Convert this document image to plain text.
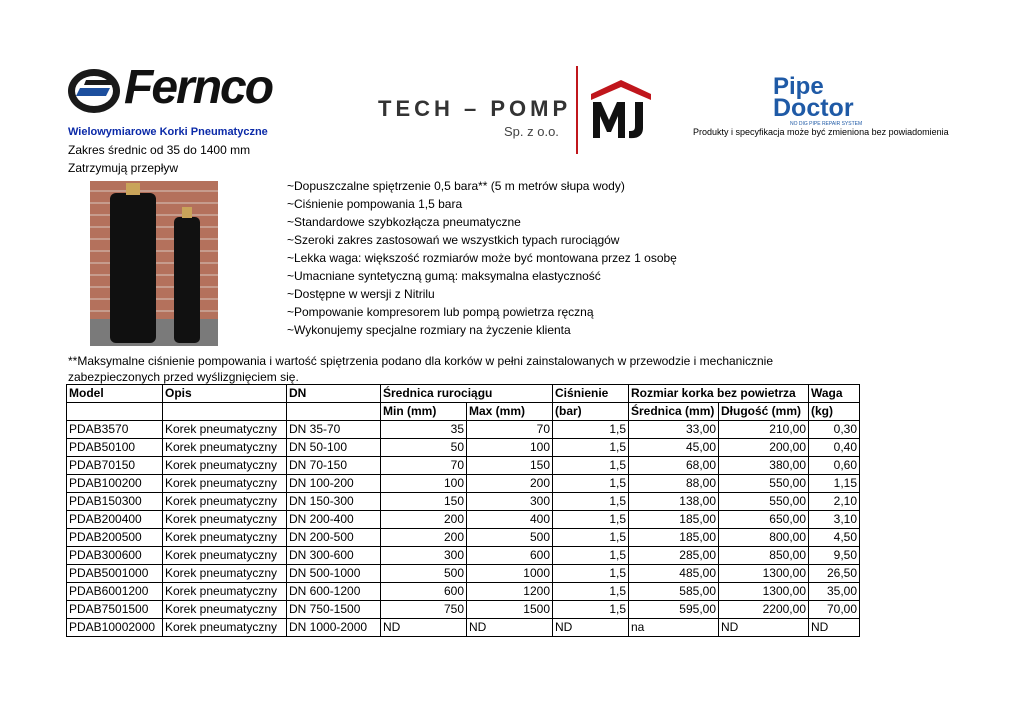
Fernco	TECH – POMP
Sp. z o.o.
Pipe
Doctor
NO DIG PIPE REPAIR SYSTEM
Produkty i specyfikacja może być zmieniona bez powiadomienia
Wielowymiarowe Korki Pneumatyczne
Zakres średnic od 35 do 1400 mm
Zatrzymują przepływ
~Dopuszczalne spiętrzenie 0,5 bara** (5 m metrów słupa wody)
~Ciśnienie pompowania 1,5 bara
~Standardowe szybkozłącza pneumatyczne
~Szeroki zakres zastosowań we wszystkich typach rurociągów
~Lekka waga: większość rozmiarów może być montowana przez 1 osobę
~Umacniane syntetyczną gumą: maksymalna elastyczność
~Dostępne w wersji z Nitrilu
~Pompowanie kompresorem lub pompą powietrza ręczną
~Wykonujemy specjalne rozmiary na życzenie klienta
**Maksymalne ciśnienie pompowania i wartość spiętrzenia podano dla korków w pełni zainstalowanych w przewodzie i mechanicznie zabezpieczonych przed wyślizgnięciem się.
Model	Opis	DN	Średnica rurociągu		Ciśnienie	Rozmiar korka bez powietrza		Waga
			Min (mm)	Max (mm)	(bar)	Średnica (mm)	Długość (mm)	(kg)
PDAB3570	Korek pneumatyczny	DN 35-70	35	70	1,5	33,00	210,00	0,30
PDAB50100	Korek pneumatyczny	DN 50-100	50	100	1,5	45,00	200,00	0,40
PDAB70150	Korek pneumatyczny	DN 70-150	70	150	1,5	68,00	380,00	0,60
PDAB100200	Korek pneumatyczny	DN 100-200	100	200	1,5	88,00	550,00	1,15
PDAB150300	Korek pneumatyczny	DN 150-300	150	300	1,5	138,00	550,00	2,10
PDAB200400	Korek pneumatyczny	DN 200-400	200	400	1,5	185,00	650,00	3,10
PDAB200500	Korek pneumatyczny	DN 200-500	200	500	1,5	185,00	800,00	4,50
PDAB300600	Korek pneumatyczny	DN 300-600	300	600	1,5	285,00	850,00	9,50
PDAB5001000	Korek pneumatyczny	DN 500-1000	500	1000	1,5	485,00	1300,00	26,50
PDAB6001200	Korek pneumatyczny	DN 600-1200	600	1200	1,5	585,00	1300,00	35,00
PDAB7501500	Korek pneumatyczny	DN 750-1500	750	1500	1,5	595,00	2200,00	70,00
PDAB10002000	Korek pneumatyczny	DN 1000-2000	ND	ND	ND	na	ND	ND
